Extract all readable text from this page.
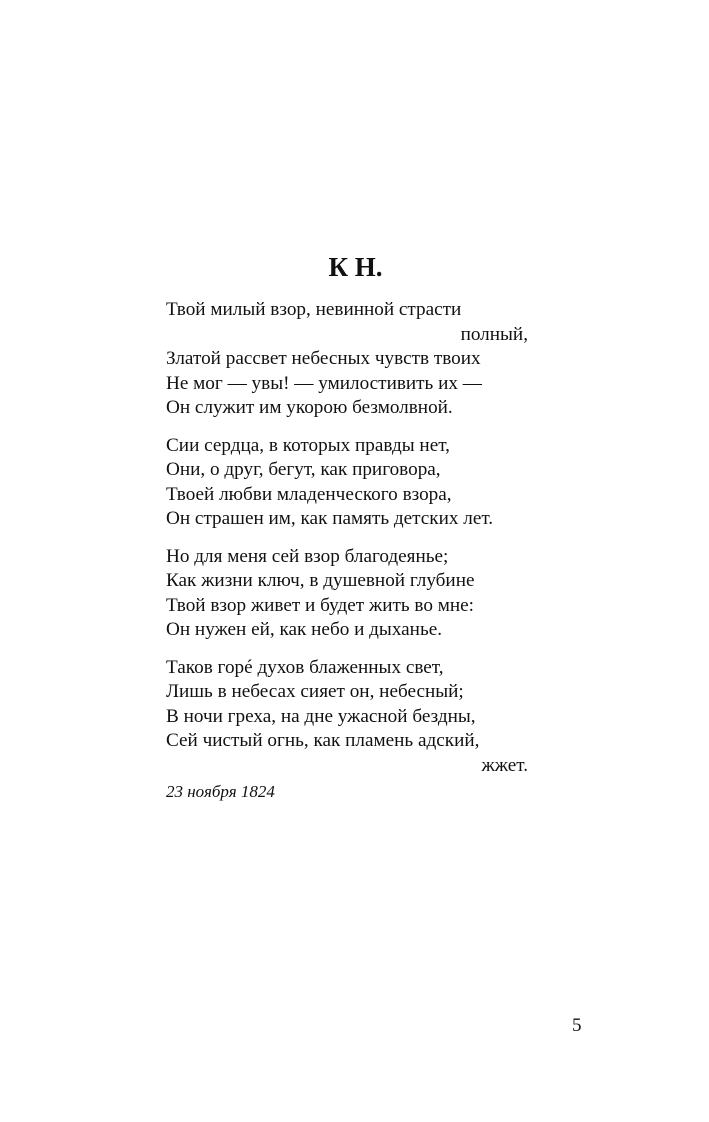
К Н.
Твой милый взор, невинной страсти
полный,
Златой рассвет небесных чувств твоих
Не мог — увы! — умилостивить их —
Он служит им укорою безмолвной.
Сии сердца, в которых правды нет,
Они, о друг, бегут, как приговора,
Твоей любви младенческого взора,
Он страшен им, как память детских лет.
Но для меня сей взор благодеянье;
Как жизни ключ, в душевной глубине
Твой взор живет и будет жить во мне:
Он нужен ей, как небо и дыханье.
Таков горé духов блаженных свет,
Лишь в небесах сияет он, небесный;
В ночи греха, на дне ужасной бездны,
Сей чистый огнь, как пламень адский,
жжет.
23 ноября 1824
5
